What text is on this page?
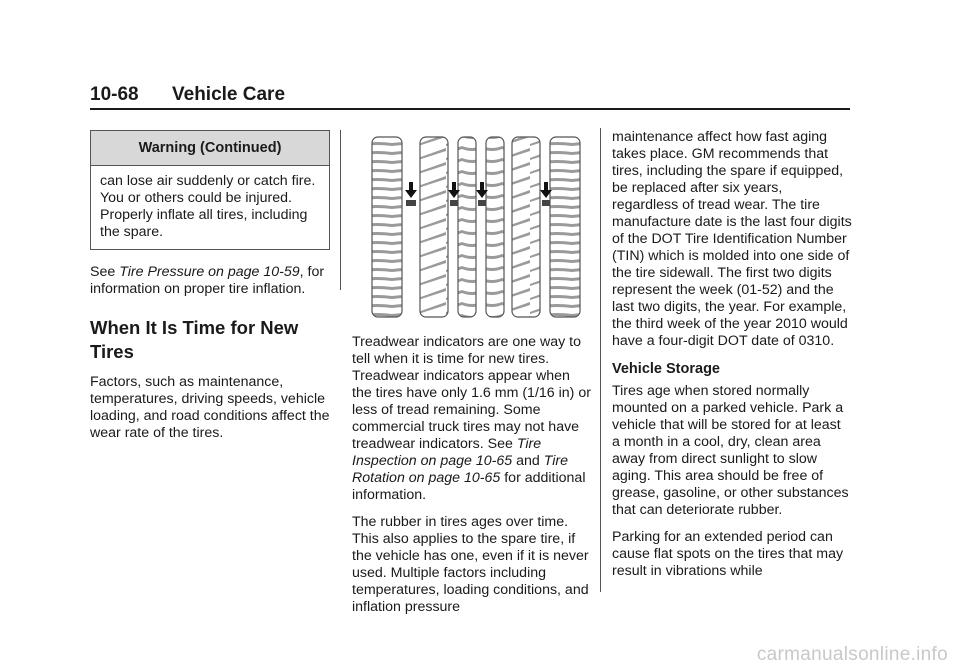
10-68 Vehicle Care
Warning (Continued)
can lose air suddenly or catch fire. You or others could be injured. Properly inflate all tires, including the spare.

See Tire Pressure on page 10-59, for information on proper tire inflation.

When It Is Time for New Tires

Factors, such as maintenance, temperatures, driving speeds, vehicle loading, and road conditions affect the wear rate of the tires.

Treadwear indicators are one way to tell when it is time for new tires. Treadwear indicators appear when the tires have only 1.6 mm (1/16 in) or less of tread remaining. Some commercial truck tires may not have treadwear indicators. See Tire Inspection on page 10-65 and Tire Rotation on page 10-65 for additional information.

The rubber in tires ages over time. This also applies to the spare tire, if the vehicle has one, even if it is never used. Multiple factors including temperatures, loading conditions, and inflation pressure

maintenance affect how fast aging takes place. GM recommends that tires, including the spare if equipped, be replaced after six years, regardless of tread wear. The tire manufacture date is the last four digits of the DOT Tire Identification Number (TIN) which is molded into one side of the tire sidewall. The first two digits represent the week (01-52) and the last two digits, the year. For example, the third week of the year 2010 would have a four-digit DOT date of 0310.

Vehicle Storage

Tires age when stored normally mounted on a parked vehicle. Park a vehicle that will be stored for at least a month in a cool, dry, clean area away from direct sunlight to slow aging. This area should be free of grease, gasoline, or other substances that can deteriorate rubber.

Parking for an extended period can cause flat spots on the tires that may result in vibrations while

carmanualsonline.info
